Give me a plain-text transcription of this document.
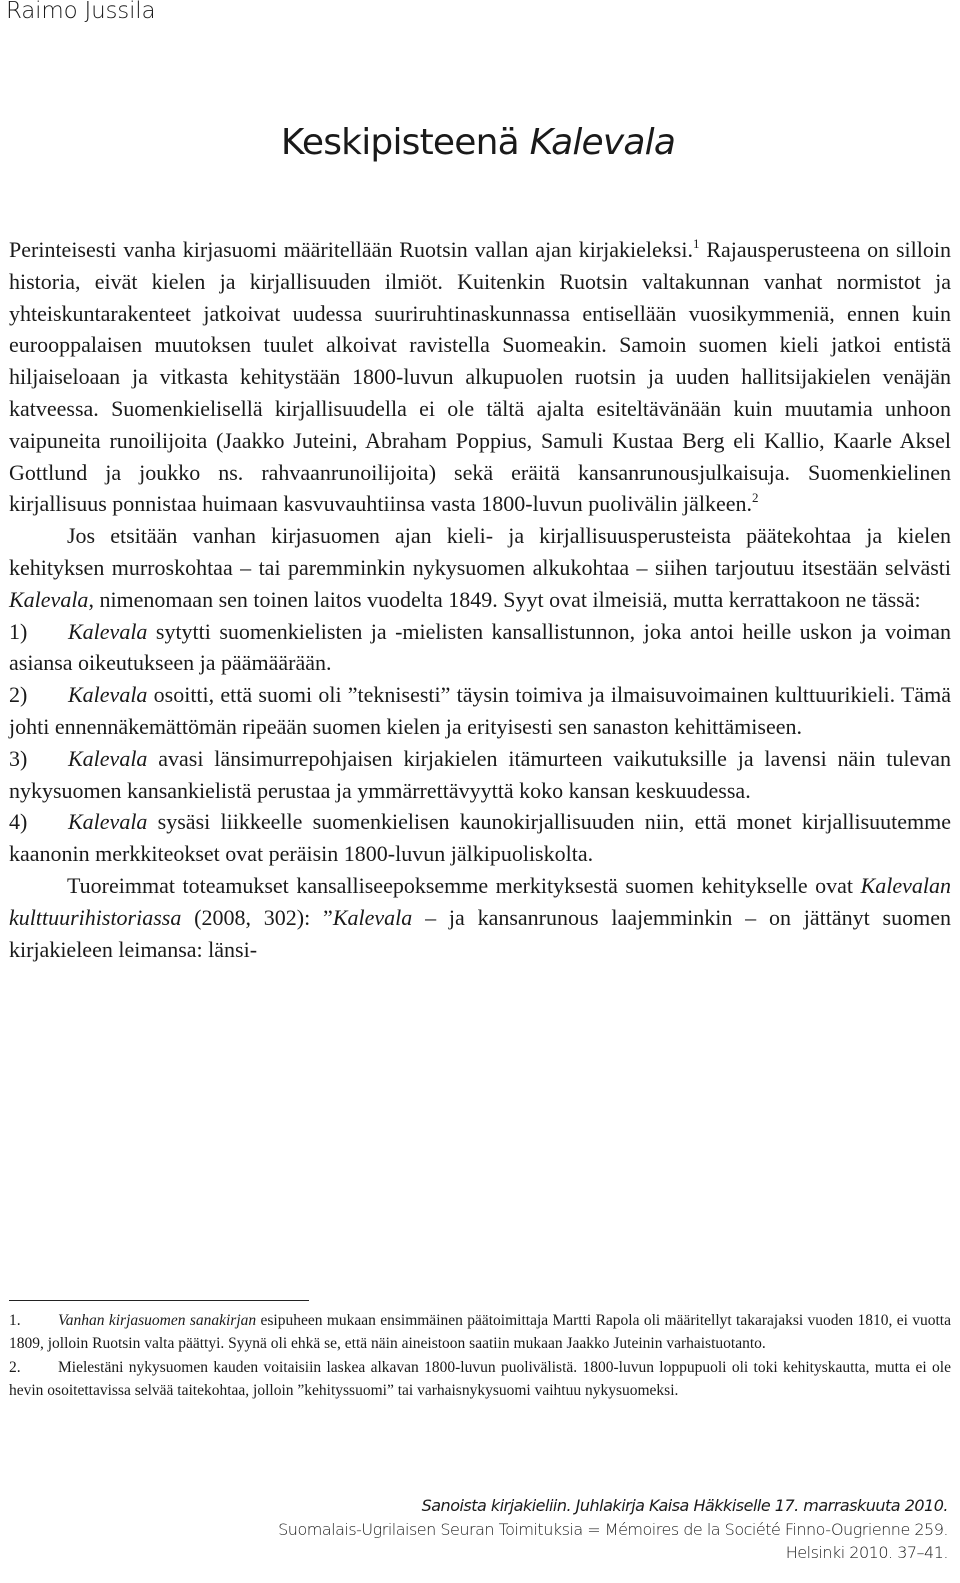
Raimo Jussila
Keskipisteenä Kalevala

Perinteisesti vanha kirjasuomi määritellään Ruotsin vallan ajan kirjakieleksi.$^1$ Rajausperusteena on silloin historia, eivät kielen ja kirjallisuuden ilmiöt. Kuitenkin Ruotsin valtakunnan vanhat normistot ja yhteiskuntarakenteet jatkoivat uudessa suuriruhtinaskunnassa entisellään vuosikymmeniä, ennen kuin eurooppalaisen muutoksen tuulet alkoivat ravistella Suomeakin. Samoin suomen kieli jatkoi entistä hiljaiseloaan ja vitkasta kehitystään 1800-luvun alkupuolen ruotsin ja uuden hallitsijakielen venäjän katveessa. Suomenkielisellä kirjallisuudella ei ole tältä ajalta esiteltävänään kuin muutamia unhoon vaipuneita runoilijoita (Jaakko Juteini, Abraham Poppius, Samuli Kustaa Berg eli Kallio, Kaarle Aksel Gottlund ja joukko ns. rahvaanrunoilijoita) sekä eräitä kansanrunousjulkaisuja. Suomenkielinen kirjallisuus ponnistaa huimaan kasvuvauhtiinsa vasta 1800-luvun puolivälin jälkeen.$^2$

Jos etsitään vanhan kirjasuomen ajan kieli- ja kirjallisuusperusteista päätekohtaa ja kielen kehityksen murroskohtaa – tai paremminkin nykysuomen alkukohtaa – siihen tarjoutuu itsestään selvästi Kalevala, nimenomaan sen toinen laitos vuodelta 1849. Syyt ovat ilmeisiä, mutta kerrattakoon ne tässä:

1) Kalevala sytytti suomenkielisten ja -mielisten kansallistunnon, joka antoi heille uskon ja voiman asiansa oikeutukseen ja päämäärään.

2) Kalevala osoitti, että suomi oli ”teknisesti” täysin toimiva ja ilmaisuvoimainen kulttuurikieli. Tämä johti ennennäkemättömän ripeään suomen kielen ja erityisesti sen sanaston kehittämiseen.

3) Kalevala avasi länsimurrepohjaisen kirjakielen itämurteen vaikutuksille ja lavensi näin tulevan nykysuomen kansankielistä perustaa ja ymmärrettävyyttä koko kansan keskuudessa.

4) Kalevala sysäsi liikkeelle suomenkielisen kaunokirjallisuuden niin, että monet kirjallisuutemme kaanonin merkkiteokset ovat peräisin 1800-luvun jälkipuoliskolta.

Tuoreimmat toteamukset kansalliseepoksemme merkityksestä suomen kehitykselle ovat Kalevalan kulttuurihistoriassa (2008, 302): ”Kalevala – ja kansanrunous laajemminkin – on jättänyt suomen kirjakieleen leimansa: länsi-

1. Vanhan kirjasuomen sanakirjan esipuheen mukaan ensimmäinen päätoimittaja Martti Rapola oli määritellyt takarajaksi vuoden 1810, ei vuotta 1809, jolloin Ruotsin valta päättyi. Syynä oli ehkä se, että näin aineistoon saatiin mukaan Jaakko Juteinin varhaistuotanto.

2. Mielestäni nykysuomen kauden voitaisiin laskea alkavan 1800-luvun puolivälistä. 1800-luvun loppupuoli oli toki kehityskautta, mutta ei ole hevin osoitettavissa selvää taitekohtaa, jolloin ”kehityssuomi” tai varhaisnykysuomi vaihtuu nykysuomeksi.

Sanoista kirjakieliin. Juhlakirja Kaisa Häkkiselle 17. marraskuuta 2010.
Suomalais-Ugrilaisen Seuran Toimituksia = Mémoires de la Société Finno-Ougrienne 259.
Helsinki 2010. 37–41.
